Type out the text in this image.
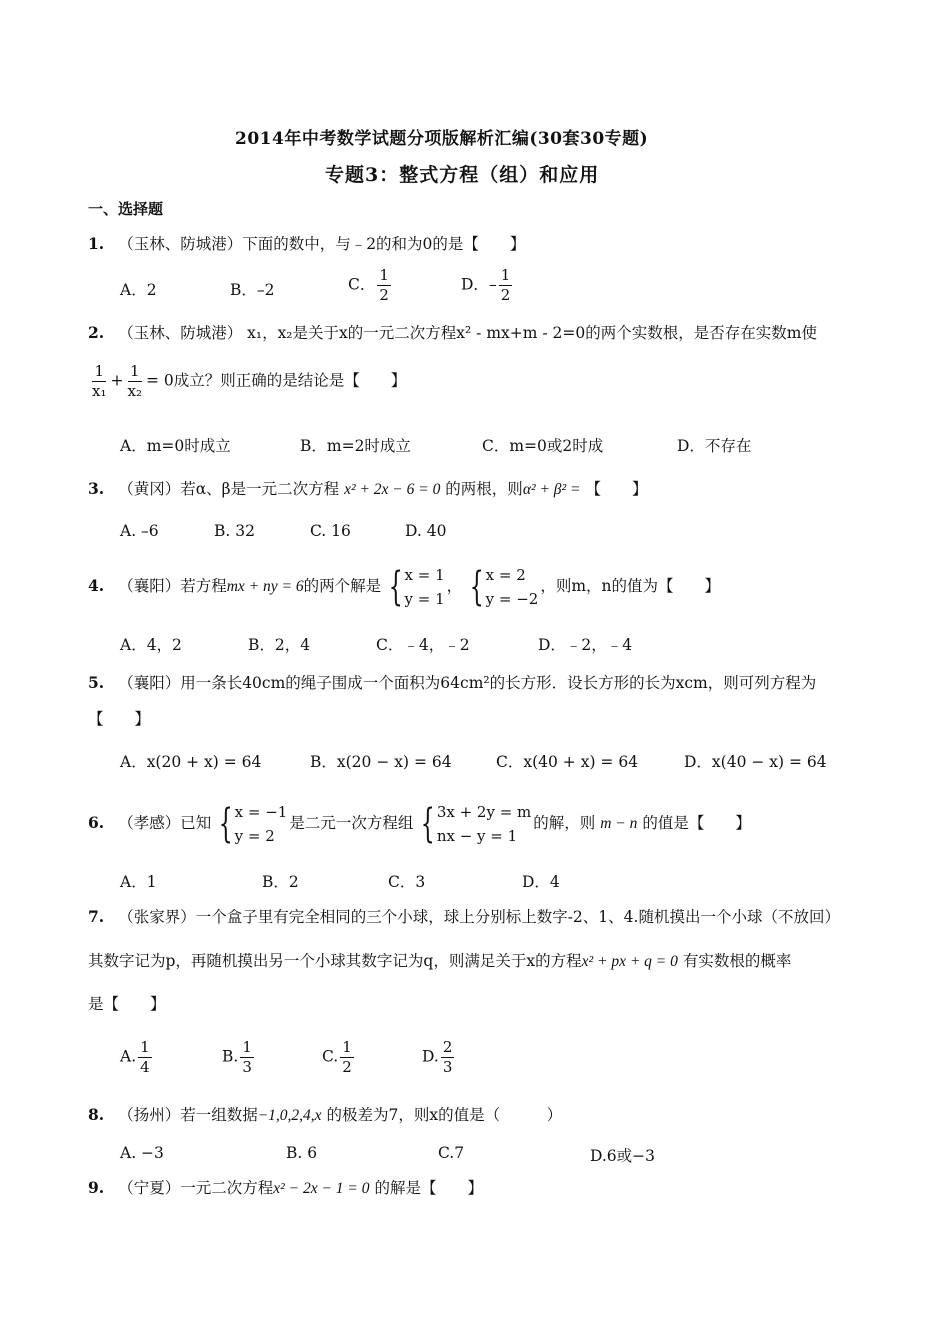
2014年中考数学试题分项版解析汇编(30套30专题)
专题3：整式方程（组）和应用
一、选择题
1. （玉林、防城港）下面的数中，与﹣2的和为0的是【　　】
A．2	B．–2	C． $\frac{1}{2}$	D．– $\frac{1}{2}$
2. （玉林、防城港） x₁，x₂是关于x的一元二次方程x² - mx+m - 2=0的两个实数根，是否存在实数m使
$\frac{1}{\text{x₁}} + \frac{1}{\text{x₂}} = 0$成立？则正确的是结论是【　　】
A．m=0时成立	B．m=2时成立	C．m=0或2时成	D．不存在
3. （黄冈）若α、β是一元二次方程 x² + 2x − 6 = 0 的两根，则α² + β² = 【　　】
A. –6	B. 32	C. 16	D. 40
4. （襄阳）若方程mx + ny = 6的两个解是 { x = 1
y = 1
， { x = 2
y = −2
，则m，n的值为【　　】
A．4，2	B．2，4	C．﹣4，﹣2	D．﹣2，﹣4
5. （襄阳）用一条长40cm的绳子围成一个面积为64cm²的长方形．设长方形的长为xcm，则可列方程为
【　　】
A．x(20 + x) = 64	B．x(20 − x) = 64	C．x(40 + x) = 64	D．x(40 − x) = 64
6. （孝感）已知 { x = −1
y = 2
是二元一次方程组 { 3x + 2y = m
nx − y = 1
的解，则 m − n 的值是【　　】
A．1	B．2	C．3	D．4
7. （张家界）一个盒子里有完全相同的三个小球，球上分别标上数字-2、1、4.随机摸出一个小球（不放回）
其数字记为p，再随机摸出另一个小球其数字记为q，则满足关于x的方程x² + px + q = 0 有实数根的概率
是【　　】
A. $\frac{1}{4}$	B. $\frac{1}{3}$	C. $\frac{1}{2}$	D. $\frac{2}{3}$
8. （扬州）若一组数据−1,0,2,4,x 的极差为7，则x的值是（　　　）
A. −3	B. 6	C.7	D.6或−3
9. （宁夏）一元二次方程x² − 2x − 1 = 0 的解是【　　】
